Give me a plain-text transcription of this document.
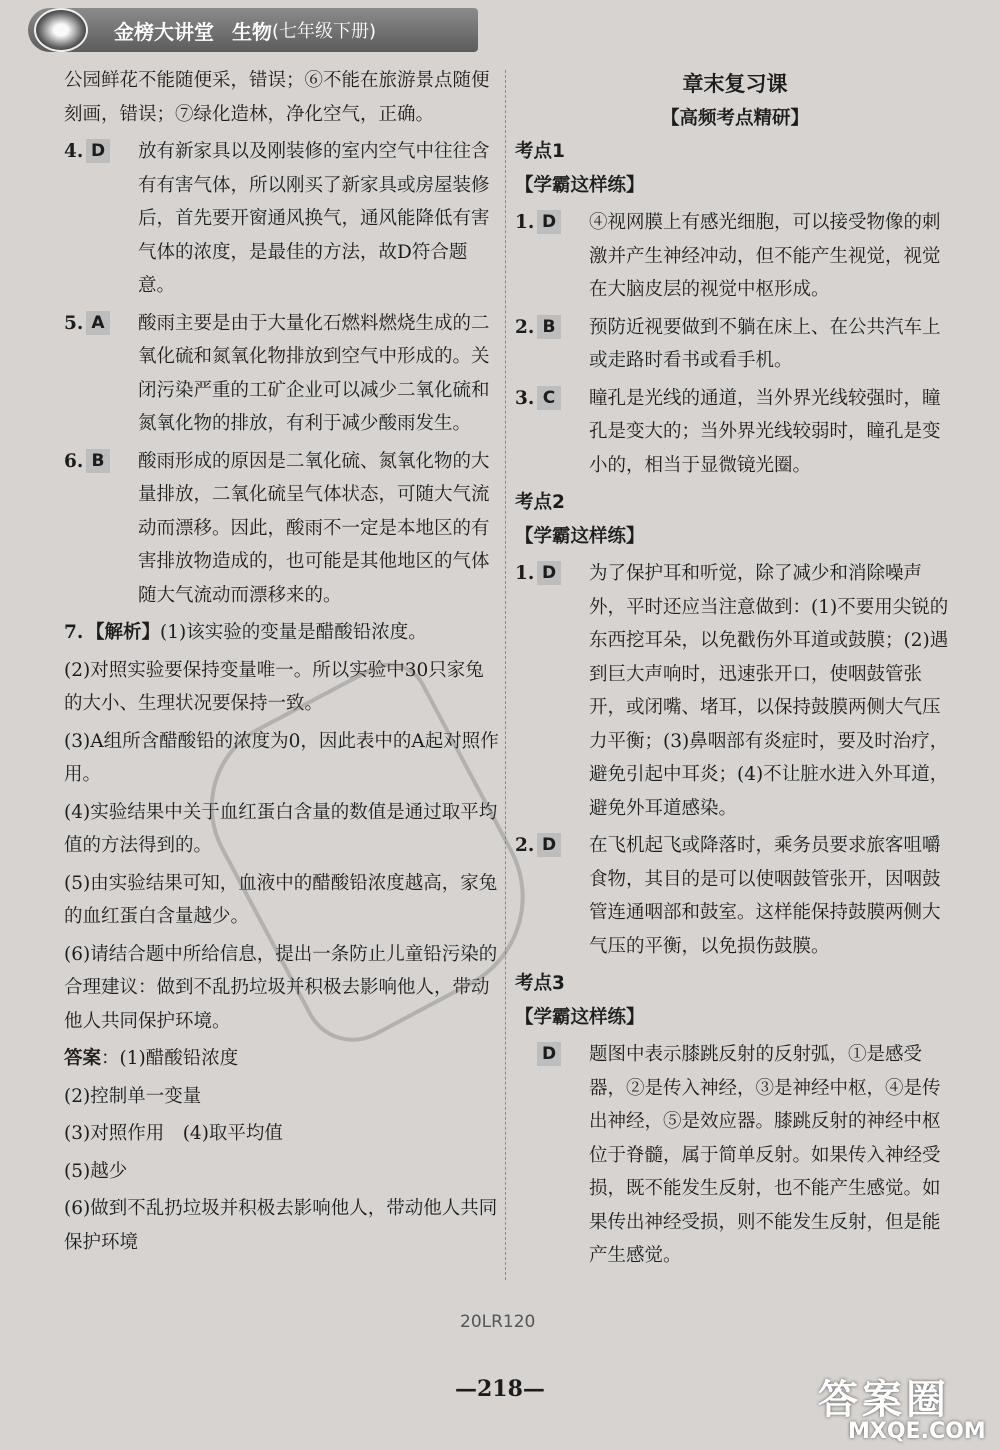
金榜大讲堂 生物 (七年级下册)

公园鲜花不能随便采，错误；⑥不能在旅游景点随便刻画，错误；⑦绿化造林，净化空气，正确。

4. D 放有新家具以及刚装修的室内空气中往往含有有害气体，所以刚买了新家具或房屋装修后，首先要开窗通风换气，通风能降低有害气体的浓度，是最佳的方法，故D符合题意。
5. A 酸雨主要是由于大量化石燃料燃烧生成的二氧化硫和氮氧化物排放到空气中形成的。关闭污染严重的工矿企业可以减少二氧化硫和氮氧化物的排放，有利于减少酸雨发生。
6. B 酸雨形成的原因是二氧化硫、氮氧化物的大量排放，二氧化硫呈气体状态，可随大气流动而漂移。因此，酸雨不一定是本地区的有害排放物造成的，也可能是其他地区的气体随大气流动而漂移来的。
7. 【解析】(1)该实验的变量是醋酸铅浓度。

(2)对照实验要保持变量唯一。所以实验中30只家兔的大小、生理状况要保持一致。

(3)A组所含醋酸铅的浓度为0，因此表中的A起对照作用。

(4)实验结果中关于血红蛋白含量的数值是通过取平均值的方法得到的。

(5)由实验结果可知，血液中的醋酸铅浓度越高，家兔的血红蛋白含量越少。

(6)请结合题中所给信息，提出一条防止儿童铅污染的合理建议：做到不乱扔垃圾并积极去影响他人，带动他人共同保护环境。

答案：(1)醋酸铅浓度

(2)控制单一变量

(3)对照作用　(4)取平均值

(5)越少

(6)做到不乱扔垃圾并积极去影响他人，带动他人共同保护环境

章末复习课

【高频考点精研】

考点1

【学霸这样练】

1. D ④视网膜上有感光细胞，可以接受物像的刺激并产生神经冲动，但不能产生视觉，视觉在大脑皮层的视觉中枢形成。
2. B 预防近视要做到不躺在床上、在公共汽车上或走路时看书或看手机。
3. C	瞳孔是光线的通道，当外界光线较强时，瞳孔是变大的；当外界光线较弱时，瞳孔是变小的，相当于显微镜光圈。

考点2

【学霸这样练】

1. D 为了保护耳和听觉，除了减少和消除噪声外，平时还应当注意做到：(1)不要用尖锐的东西挖耳朵，以免戳伤外耳道或鼓膜；(2)遇到巨大声响时，迅速张开口，使咽鼓管张开，或闭嘴、堵耳，以保持鼓膜两侧大气压力平衡；(3)鼻咽部有炎症时，要及时治疗，避免引起中耳炎；(4)不让脏水进入外耳道，避免外耳道感染。
2. D 在飞机起飞或降落时，乘务员要求旅客咀嚼食物，其目的是可以使咽鼓管张开，因咽鼓管连通咽部和鼓室。这样能保持鼓膜两侧大气压的平衡，以免损伤鼓膜。

考点3

【学霸这样练】

D 题图中表示膝跳反射的反射弧，①是感受器，②是传入神经，③是神经中枢，④是传出神经，⑤是效应器。膝跳反射的神经中枢位于脊髓，属于简单反射。如果传入神经受损，既不能发生反射，也不能产生感觉。如果传出神经受损，则不能发生反射，但是能产生感觉。
20LR120
—218—	答案圈
MXQE.COM
